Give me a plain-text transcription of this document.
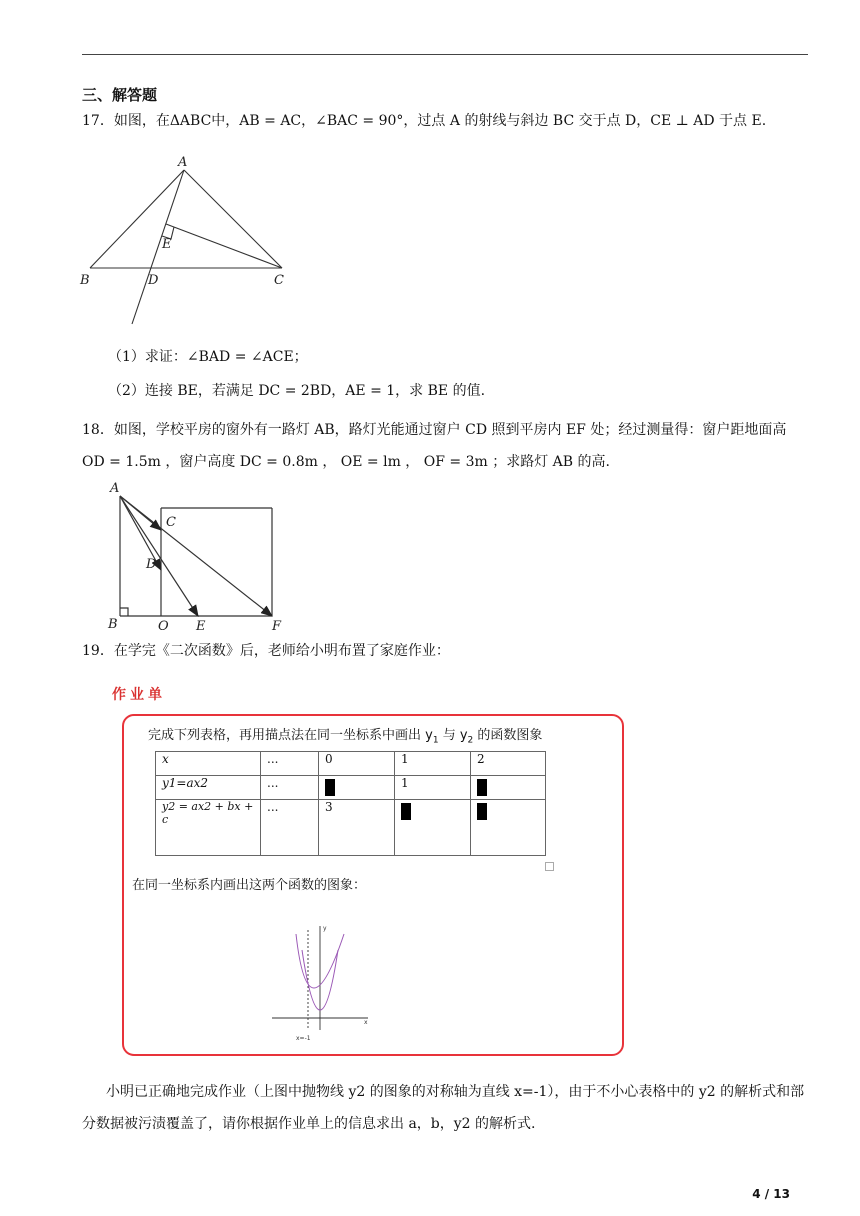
三、解答题
17．如图，在ΔABC中，AB = AC，∠BAC = 90°，过点 A 的射线与斜边 BC 交于点 D，CE ⊥ AD 于点 E.
A
B	C
D
E
（1）求证：∠BAD = ∠ACE；
（2）连接 BE，若满足 DC = 2BD，AE = 1，求 BE 的值.
18．如图，学校平房的窗外有一路灯 AB，路灯光能通过窗户 CD 照到平房内 EF 处；经过测量得：窗户距地面高 OD = 1.5m ，窗户高度 DC = 0.8m ， OE = lm ， OF = 3m ；求路灯 AB 的高.
A
B
C
D
O E	F
19．在学完《二次函数》后，老师给小明布置了家庭作业：
作业单
完成下列表格，再用描点法在同一坐标系中画出 $y_1$ 与 $y_2$ 的函数图象
x	...	0	1	2
y1=ax2	...		1	
y2 = ax2 + bx + c	...	3		
在同一坐标系内画出这两个函数的图象：
x
y
x=-1
小明已正确地完成作业（上图中抛物线 y2 的图象的对称轴为直线 x=-1），由于不小心表格中的 y2 的解析式和部分数据被污渍覆盖了，请你根据作业单上的信息求出 a，b，y2 的解析式.
4 / 13
